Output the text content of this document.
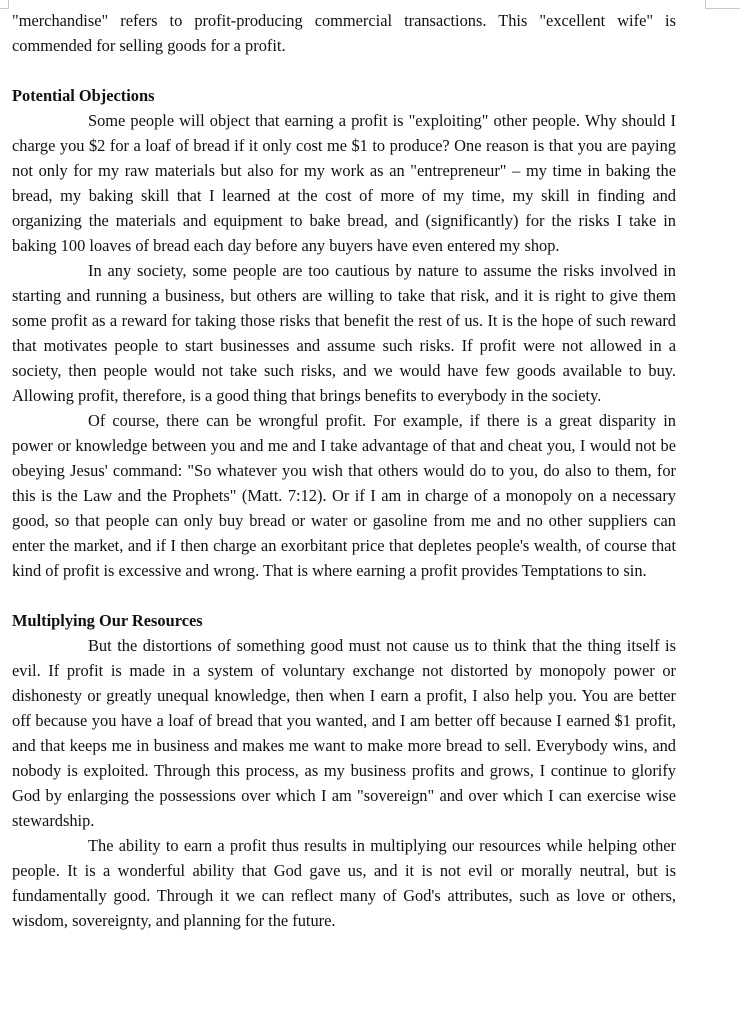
"merchandise" refers to profit-producing commercial transactions. This "excellent wife" is commended for selling goods for a profit.

Potential Objections

Some people will object that earning a profit is "exploiting" other people. Why should I charge you $2 for a loaf of bread if it only cost me $1 to produce? One reason is that you are paying not only for my raw materials but also for my work as an "entrepreneur" – my time in baking the bread, my baking skill that I learned at the cost of more of my time, my skill in finding and organizing the materials and equipment to bake bread, and (significantly) for the risks I take in baking 100 loaves of bread each day before any buyers have even entered my shop.

In any society, some people are too cautious by nature to assume the risks involved in starting and running a business, but others are willing to take that risk, and it is right to give them some profit as a reward for taking those risks that benefit the rest of us. It is the hope of such reward that motivates people to start businesses and assume such risks. If profit were not allowed in a society, then people would not take such risks, and we would have few goods available to buy. Allowing profit, therefore, is a good thing that brings benefits to everybody in the society.

Of course, there can be wrongful profit. For example, if there is a great disparity in power or knowledge between you and me and I take advantage of that and cheat you, I would not be obeying Jesus' command: "So whatever you wish that others would do to you, do also to them, for this is the Law and the Prophets" (Matt. 7:12). Or if I am in charge of a monopoly on a necessary good, so that people can only buy bread or water or gasoline from me and no other suppliers can enter the market, and if I then charge an exorbitant price that depletes people's wealth, of course that kind of profit is excessive and wrong. That is where earning a profit provides Temptations to sin.

Multiplying Our Resources

But the distortions of something good must not cause us to think that the thing itself is evil. If profit is made in a system of voluntary exchange not distorted by monopoly power or dishonesty or greatly unequal knowledge, then when I earn a profit, I also help you. You are better off because you have a loaf of bread that you wanted, and I am better off because I earned $1 profit, and that keeps me in business and makes me want to make more bread to sell. Everybody wins, and nobody is exploited. Through this process, as my business profits and grows, I continue to glorify God by enlarging the possessions over which I am "sovereign" and over which I can exercise wise stewardship.

The ability to earn a profit thus results in multiplying our resources while helping other people. It is a wonderful ability that God gave us, and it is not evil or morally neutral, but is fundamentally good. Through it we can reflect many of God's attributes, such as love or others, wisdom, sovereignty, and planning for the future.
